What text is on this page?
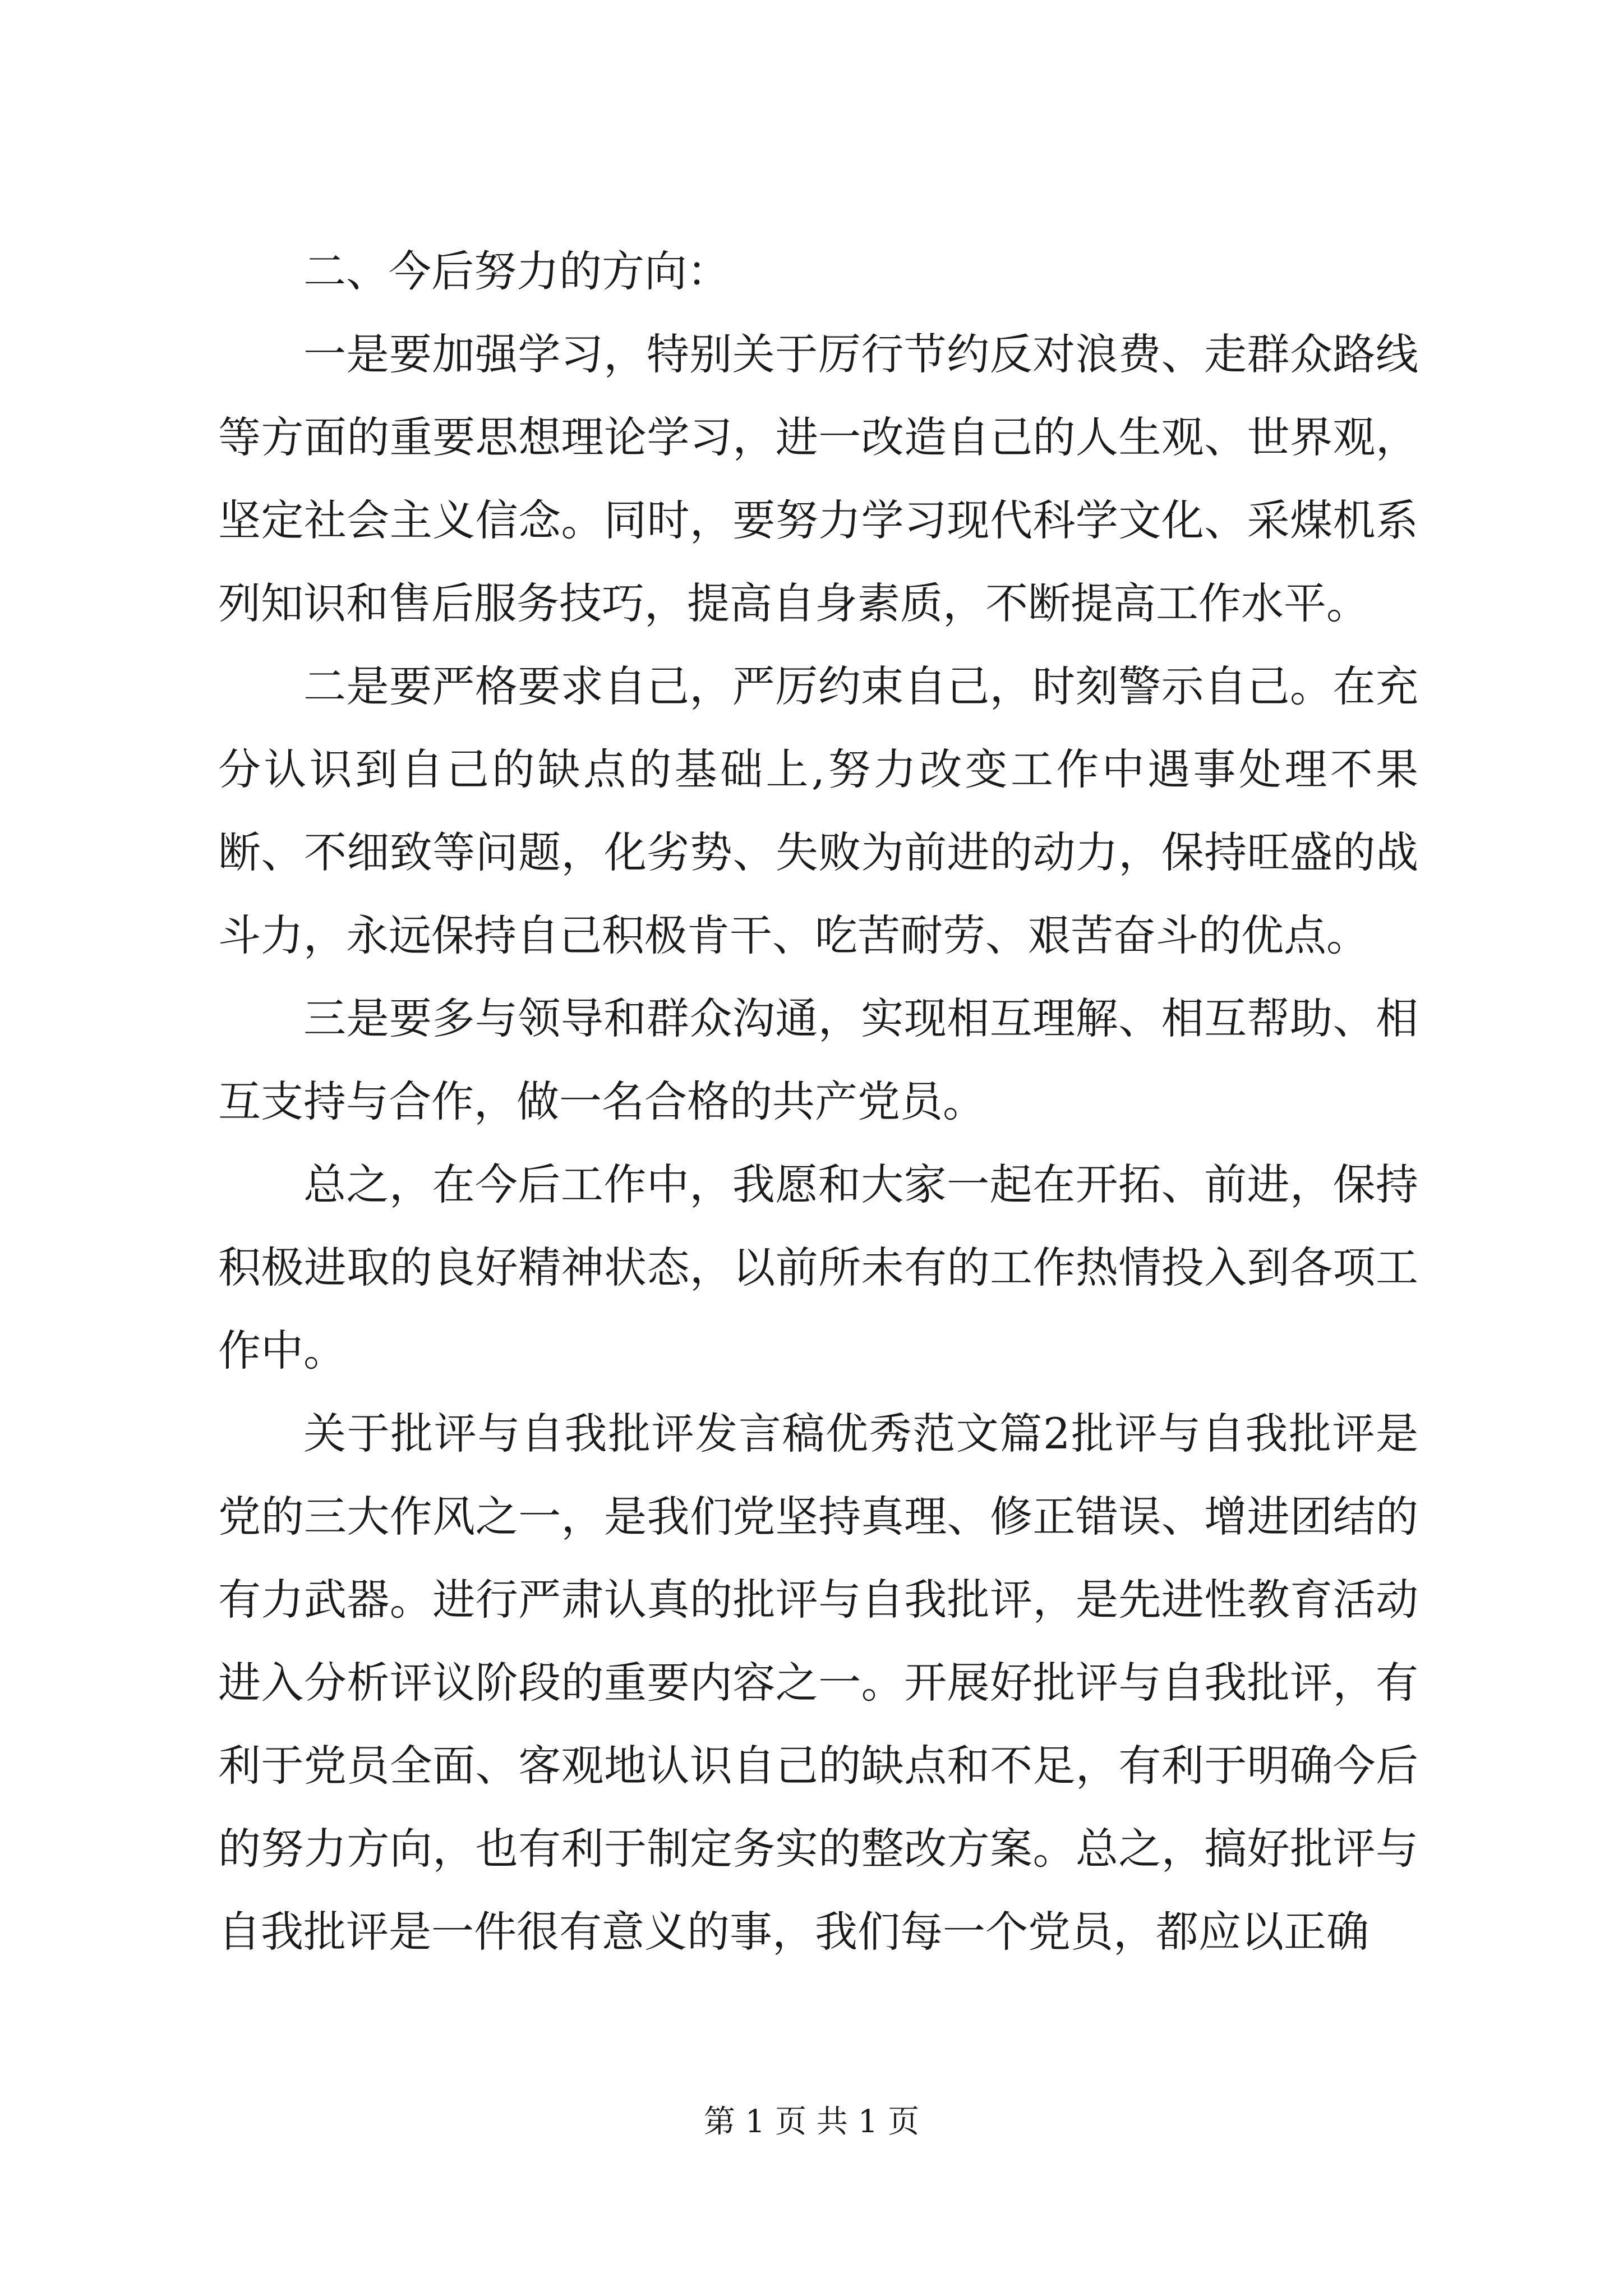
二、今后努力的方向：

一是要加强学习，特别关于厉行节约反对浪费、走群众路线等方面的重要思想理论学习，进一改造自己的人生观、世界观，坚定社会主义信念。同时，要努力学习现代科学文化、采煤机系列知识和售后服务技巧，提高自身素质，不断提高工作水平。

二是要严格要求自己，严厉约束自己，时刻警示自己。在充分认识到自己的缺点的基础上,努力改变工作中遇事处理不果断、不细致等问题，化劣势、失败为前进的动力，保持旺盛的战斗力，永远保持自己积极肯干、吃苦耐劳、艰苦奋斗的优点。

三是要多与领导和群众沟通，实现相互理解、相互帮助、相互支持与合作，做一名合格的共产党员。

总之，在今后工作中，我愿和大家一起在开拓、前进，保持积极进取的良好精神状态，以前所未有的工作热情投入到各项工作中。

关于批评与自我批评发言稿优秀范文篇2批评与自我批评是党的三大作风之一，是我们党坚持真理、修正错误、增进团结的有力武器。进行严肃认真的批评与自我批评，是先进性教育活动进入分析评议阶段的重要内容之一。开展好批评与自我批评，有利于党员全面、客观地认识自己的缺点和不足，有利于明确今后的努力方向，也有利于制定务实的整改方案。总之，搞好批评与自我批评是一件很有意义的事，我们每一个党员，都应以正确

第 1 页 共 1 页
